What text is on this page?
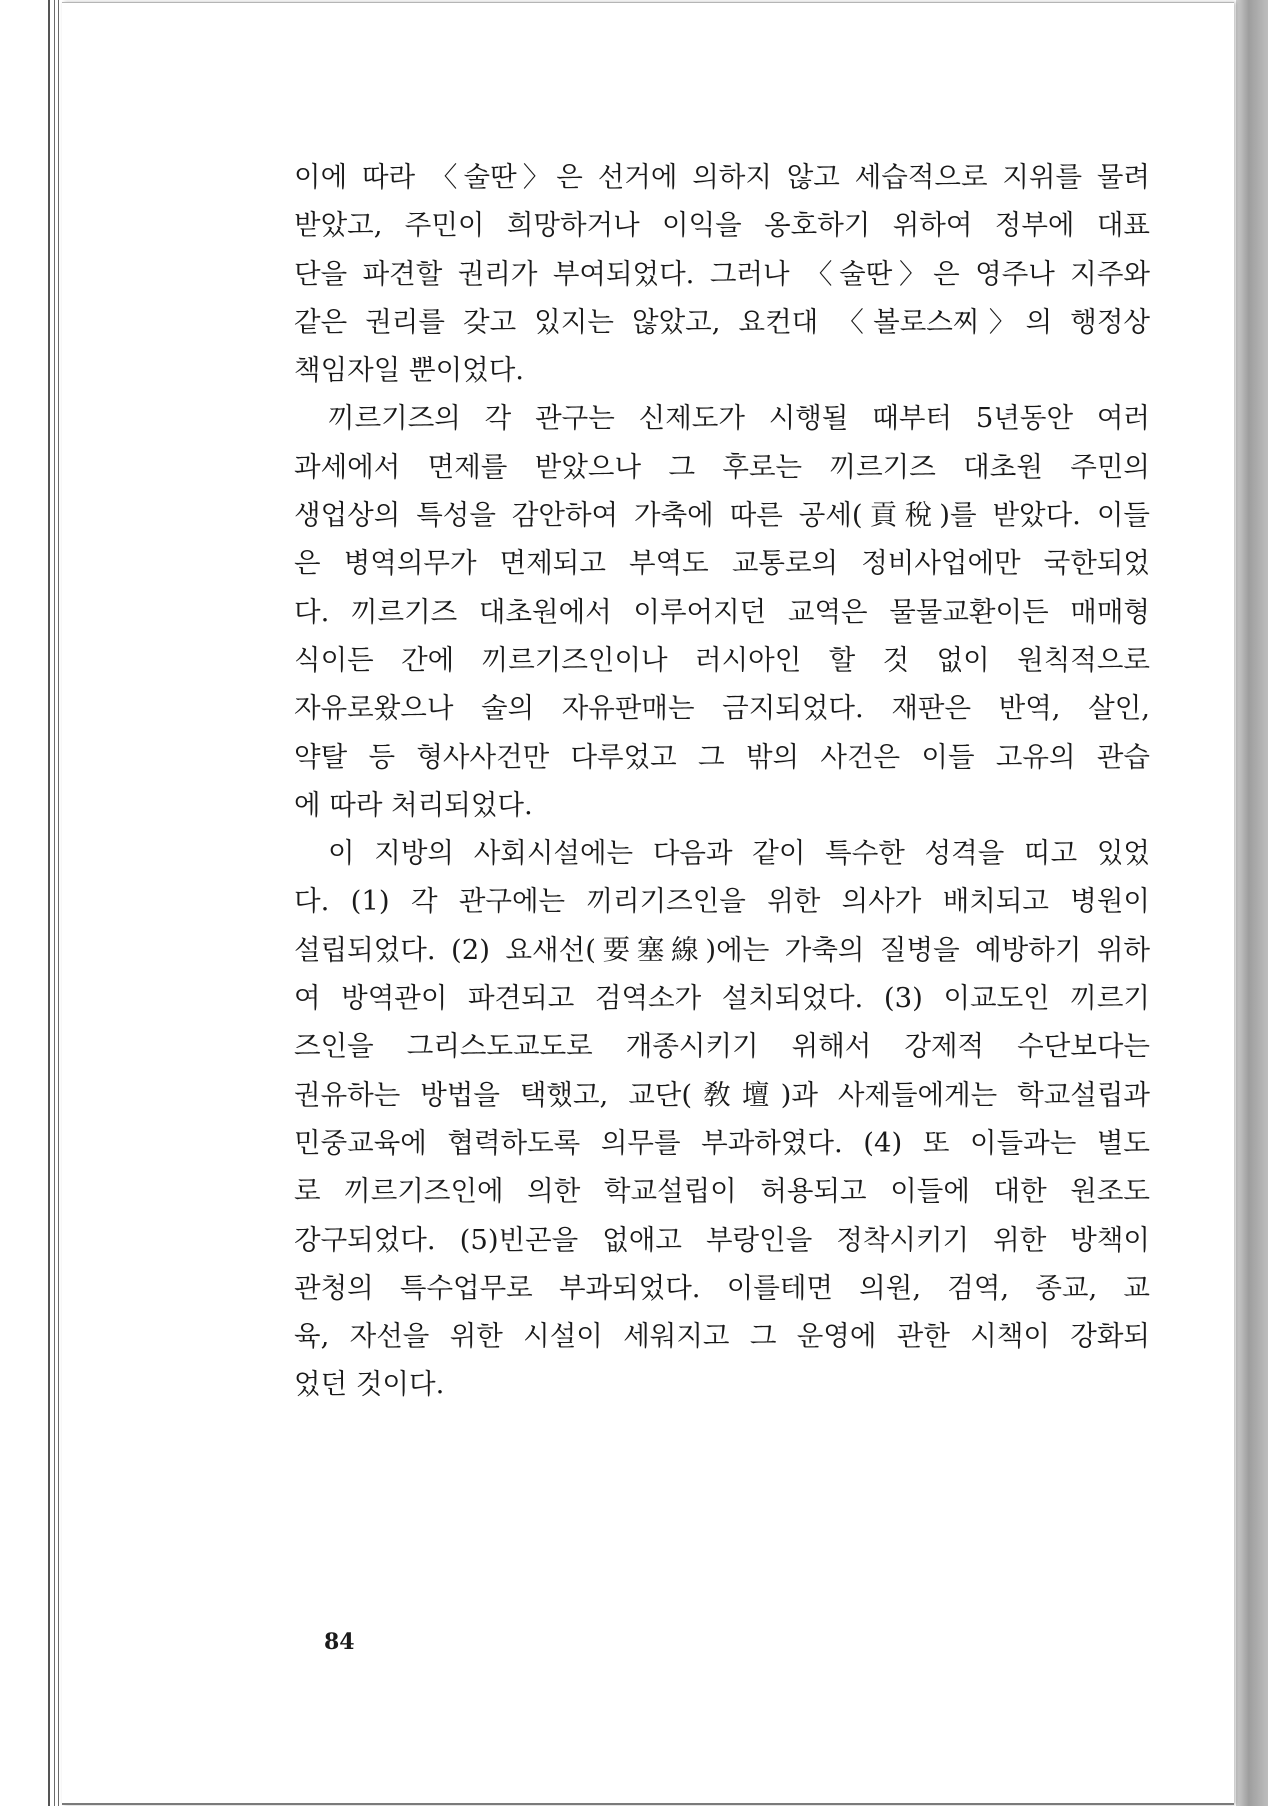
이에 따라 〈술딴〉은 선거에 의하지 않고 세습적으로 지위를 물려
받았고, 주민이 희망하거나 이익을 옹호하기 위하여 정부에 대표
단을 파견할 권리가 부여되었다. 그러나 〈술딴〉은 영주나 지주와
같은 권리를 갖고 있지는 않았고, 요컨대 〈볼로스찌〉의 행정상
책임자일 뿐이었다.
끼르기즈의 각 관구는 신제도가 시행될 때부터 5년동안 여러
과세에서 면제를 받았으나 그 후로는 끼르기즈 대초원 주민의
생업상의 특성을 감안하여 가축에 따른 공세(貢稅)를 받았다. 이들
은 병역의무가 면제되고 부역도 교통로의 정비사업에만 국한되었
다. 끼르기즈 대초원에서 이루어지던 교역은 물물교환이든 매매형
식이든 간에 끼르기즈인이나 러시아인 할 것 없이 원칙적으로
자유로왔으나 술의 자유판매는 금지되었다. 재판은 반역, 살인,
약탈 등 형사사건만 다루었고 그 밖의 사건은 이들 고유의 관습
에 따라 처리되었다.
이 지방의 사회시설에는 다음과 같이 특수한 성격을 띠고 있었
다. (1) 각 관구에는 끼리기즈인을 위한 의사가 배치되고 병원이
설립되었다. (2) 요새선(要塞線)에는 가축의 질병을 예방하기 위하
여 방역관이 파견되고 검역소가 설치되었다. (3) 이교도인 끼르기
즈인을 그리스도교도로 개종시키기 위해서 강제적 수단보다는
권유하는 방법을 택했고, 교단(敎壇)과 사제들에게는 학교설립과
민중교육에 협력하도록 의무를 부과하였다. (4) 또 이들과는 별도
로 끼르기즈인에 의한 학교설립이 허용되고 이들에 대한 원조도
강구되었다. (5)빈곤을 없애고 부랑인을 정착시키기 위한 방책이
관청의 특수업무로 부과되었다. 이를테면 의원, 검역, 종교, 교
육, 자선을 위한 시설이 세워지고 그 운영에 관한 시책이 강화되
었던 것이다.
84
